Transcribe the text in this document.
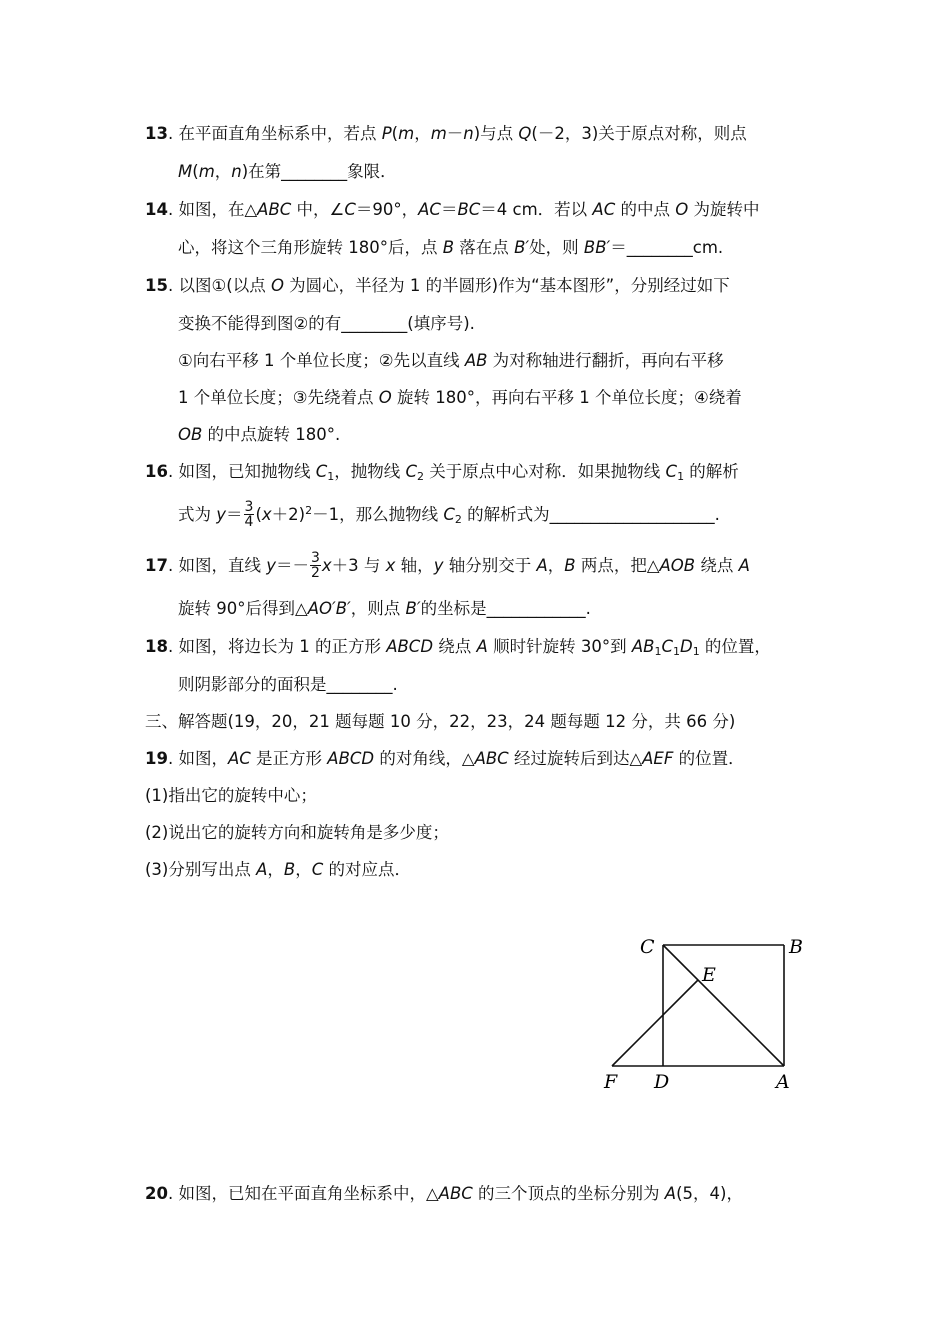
13. 在平面直角坐标系中，若点 P(m，m－n)与点 Q(－2，3)关于原点对称，则点
M(m，n)在第________象限．
14. 如图，在△ABC 中，∠C＝90°，AC＝BC＝4 cm．若以 AC 的中点 O 为旋转中
心，将这个三角形旋转 180°后，点 B 落在点 B′处，则 BB′＝________cm.
15. 以图①(以点 O 为圆心，半径为 1 的半圆形)作为“基本图形”，分别经过如下
变换不能得到图②的有________(填序号).
①向右平移 1 个单位长度；②先以直线 AB 为对称轴进行翻折，再向右平移
1 个单位长度；③先绕着点 O 旋转 180°，再向右平移 1 个单位长度；④绕着
OB 的中点旋转 180°.
16. 如图，已知抛物线 $C_1$，抛物线 $C_2$ 关于原点中心对称．如果抛物线 $C_1$ 的解析
式为 $y= \frac{3}{4} (x+2)^2-1$，那么抛物线 $C_2$ 的解析式为____________________.
17. 如图，直线 $y=- \frac{3}{2} x+3$ 与 x 轴，y 轴分别交于 A，B 两点，把△AOB 绕点 A
旋转 90°后得到△AO′B′，则点 B′的坐标是____________.
18. 如图，将边长为 1 的正方形 ABCD 绕点 A 顺时针旋转 30°到 $AB_1C_1D_1$ 的位置，
则阴影部分的面积是________.
三、解答题(19，20，21 题每题 10 分，22，23，24 题每题 12 分，共 66 分)
19. 如图，AC 是正方形 ABCD 的对角线，△ABC 经过旋转后到达△AEF 的位置．
(1)指出它的旋转中心；
(2)说出它的旋转方向和旋转角是多少度；
(3)分别写出点 A，B，C 的对应点．
C	B
E
F D	A
20. 如图，已知在平面直角坐标系中，△ABC 的三个顶点的坐标分别为 A(5，4)，
